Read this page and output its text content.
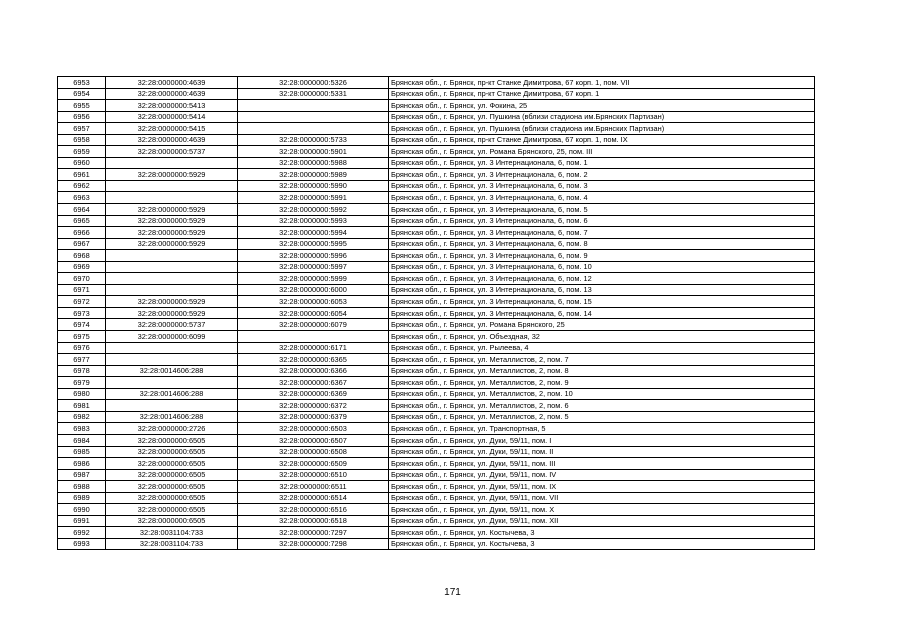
6953	32:28:0000000:4639	32:28:0000000:5326	Брянская обл., г. Брянск, пр-кт Станке Димитрова, 67 корп. 1, пом. VII
6954	32:28:0000000:4639	32:28:0000000:5331	Брянская обл., г. Брянск, пр-кт Станке Димитрова, 67 корп. 1
6955	32:28:0000000:5413		Брянская обл., г. Брянск, ул. Фокина, 25
6956	32:28:0000000:5414		Брянская обл., г. Брянск, ул. Пушкина (вблизи стадиона им.Брянских Партизан)
6957	32:28:0000000:5415		Брянская обл., г. Брянск, ул. Пушкина (вблизи стадиона им.Брянских Партизан)
6958	32:28:0000000:4639	32:28:0000000:5733	Брянская обл., г. Брянск, пр-кт Станке Димитрова, 67 корп. 1, пом. IX
6959	32:28:0000000:5737	32:28:0000000:5901	Брянская обл., г. Брянск, ул. Романа Брянского, 25, пом. III
6960		32:28:0000000:5988	Брянская обл., г. Брянск, ул. 3 Интернационала, 6, пом. 1
6961	32:28:0000000:5929	32:28:0000000:5989	Брянская обл., г. Брянск, ул. 3 Интернационала, 6, пом. 2
6962		32:28:0000000:5990	Брянская обл., г. Брянск, ул. 3 Интернационала, 6, пом. 3
6963		32:28:0000000:5991	Брянская обл., г. Брянск, ул. 3 Интернационала, 6, пом. 4
6964	32:28:0000000:5929	32:28:0000000:5992	Брянская обл., г. Брянск, ул. 3 Интернационала, 6, пом. 5
6965	32:28:0000000:5929	32:28:0000000:5993	Брянская обл., г. Брянск, ул. 3 Интернационала, 6, пом. 6
6966	32:28:0000000:5929	32:28:0000000:5994	Брянская обл., г. Брянск, ул. 3 Интернационала, 6, пом. 7
6967	32:28:0000000:5929	32:28:0000000:5995	Брянская обл., г. Брянск, ул. 3 Интернационала, 6, пом. 8
6968		32:28:0000000:5996	Брянская обл., г. Брянск, ул. 3 Интернационала, 6, пом. 9
6969		32:28:0000000:5997	Брянская обл., г. Брянск, ул. 3 Интернационала, 6, пом. 10
6970		32:28:0000000:5999	Брянская обл., г. Брянск, ул. 3 Интернационала, 6, пом. 12
6971		32:28:0000000:6000	Брянская обл., г. Брянск, ул. 3 Интернационала, 6, пом. 13
6972	32:28:0000000:5929	32:28:0000000:6053	Брянская обл., г. Брянск, ул. 3 Интернационала, 6, пом. 15
6973	32:28:0000000:5929	32:28:0000000:6054	Брянская обл., г. Брянск, ул. 3 Интернационала, 6, пом. 14
6974	32:28:0000000:5737	32:28:0000000:6079	Брянская обл., г. Брянск, ул. Романа Брянского, 25
6975	32:28:0000000:6099		Брянская обл., г. Брянск, ул. Объездная, 32
6976		32:28:0000000:6171	Брянская обл., г. Брянск, ул. Рылеева, 4
6977		32:28:0000000:6365	Брянская обл., г. Брянск, ул. Металлистов, 2, пом. 7
6978	32:28:0014606:288	32:28:0000000:6366	Брянская обл., г. Брянск, ул. Металлистов, 2, пом. 8
6979		32:28:0000000:6367	Брянская обл., г. Брянск, ул. Металлистов, 2, пом. 9
6980	32:28:0014606:288	32:28:0000000:6369	Брянская обл., г. Брянск, ул. Металлистов, 2, пом. 10
6981		32:28:0000000:6372	Брянская обл., г. Брянск, ул. Металлистов, 2, пом. 6
6982	32:28:0014606:288	32:28:0000000:6379	Брянская обл., г. Брянск, ул. Металлистов, 2, пом. 5
6983	32:28:0000000:2726	32:28:0000000:6503	Брянская обл., г. Брянск, ул. Транспортная, 5
6984	32:28:0000000:6505	32:28:0000000:6507	Брянская обл., г. Брянск, ул. Дуки, 59/11, пом. I
6985	32:28:0000000:6505	32:28:0000000:6508	Брянская обл., г. Брянск, ул. Дуки, 59/11, пом. II
6986	32:28:0000000:6505	32:28:0000000:6509	Брянская обл., г. Брянск, ул. Дуки, 59/11, пом. III
6987	32:28:0000000:6505	32:28:0000000:6510	Брянская обл., г. Брянск, ул. Дуки, 59/11, пом. IV
6988	32:28:0000000:6505	32:28:0000000:6511	Брянская обл., г. Брянск, ул. Дуки, 59/11, пом. IX
6989	32:28:0000000:6505	32:28:0000000:6514	Брянская обл., г. Брянск, ул. Дуки, 59/11, пом. VII
6990	32:28:0000000:6505	32:28:0000000:6516	Брянская обл., г. Брянск, ул. Дуки, 59/11, пом. X
6991	32:28:0000000:6505	32:28:0000000:6518	Брянская обл., г. Брянск, ул. Дуки, 59/11, пом. XII
6992	32:28:0031104:733	32:28:0000000:7297	Брянская обл., г. Брянск, ул. Костычева, 3
6993	32:28:0031104:733	32:28:0000000:7298	Брянская обл., г. Брянск, ул. Костычева, 3
171
